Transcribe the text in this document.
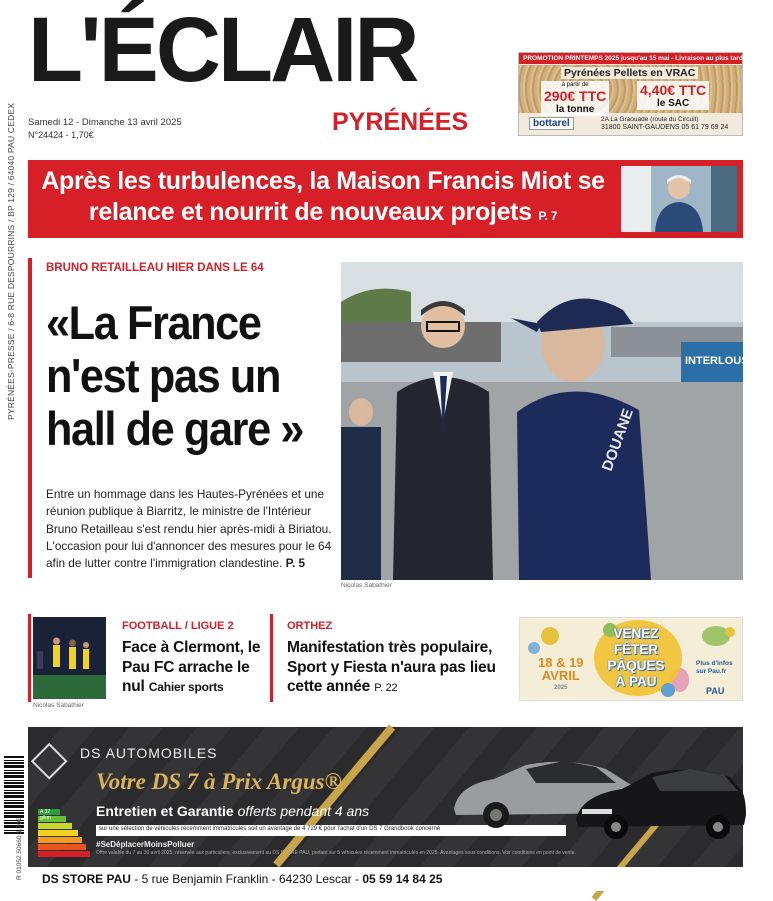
L'ÉCLAIR
PYRÉNÉES
Samedi 12 - Dimanche 13 avril 2025
N°24424 - 1,70€
PYRÉNÉES-PRESSE / 6-8 RUE DESPOURRINS / BP 129 / 64040 PAU CEDEX
PROMOTION PRINTEMPS 2025 jusqu'au 15 mai - Livraison au plus tard le 10/6/25
Pyrénées Pellets en VRAC
à partir de
290€ TTC
la tonne
4,40€ TTC
le SAC
bottarel	2A La Graouade (route du Circuit)
31800 SAINT-GAUDENS 05 61 79 69 24
Après les turbulences, la Maison Francis Miot se relance et nourrit de nouveaux projets P. 7
BRUNO RETAILLEAU HIER DANS LE 64
«La France
n'est pas un
hall de gare »
Entre un hommage dans les Hautes-Pyrénées et une réunion publique à Biarritz, le ministre de l'Intérieur Bruno Retailleau s'est rendu hier après-midi à Biriatou. L'occasion pour lui d'annoncer des mesures pour le 64 afin de lutter contre l'immigration clandestine. P. 5
INTERLOUSA
DOUANE
Nicolas Sabathier
Nicolas Sabathier
FOOTBALL / LIGUE 2
Face à Clermont, le Pau FC arrache le nul Cahier sports
ORTHEZ
Manifestation très populaire, Sport y Fiesta n'aura pas lieu cette année P. 22
18 & 19
AVRIL
2025
VENEZ
FÊTER
PÂQUES
À PAU
Plus d'infos sur Pau.fr
PAU
DS AUTOMOBILES
Votre DS 7 à Prix Argus®
Entretien et Garantie offerts pendant 4 ans
sur une sélection de véhicules récemment immatriculés soit un avantage de 4 729 € pour l'achat d'un DS 7 Grandbook concerné
#SeDéplacerMoinsPolluer
Offre valable du 7 au 30 avril 2025, réservée aux particuliers, exclusivement au DS STORE PAU, portant sur 5 véhicules récemment immatriculés en 2025. Avantages sous conditions. Voir conditions en point de vente.
A 32 g/km
DS STORE PAU - 5 rue Benjamin Franklin - 64230 Lescar - 05 59 14 84 25
R 01052 50660 1,70€
